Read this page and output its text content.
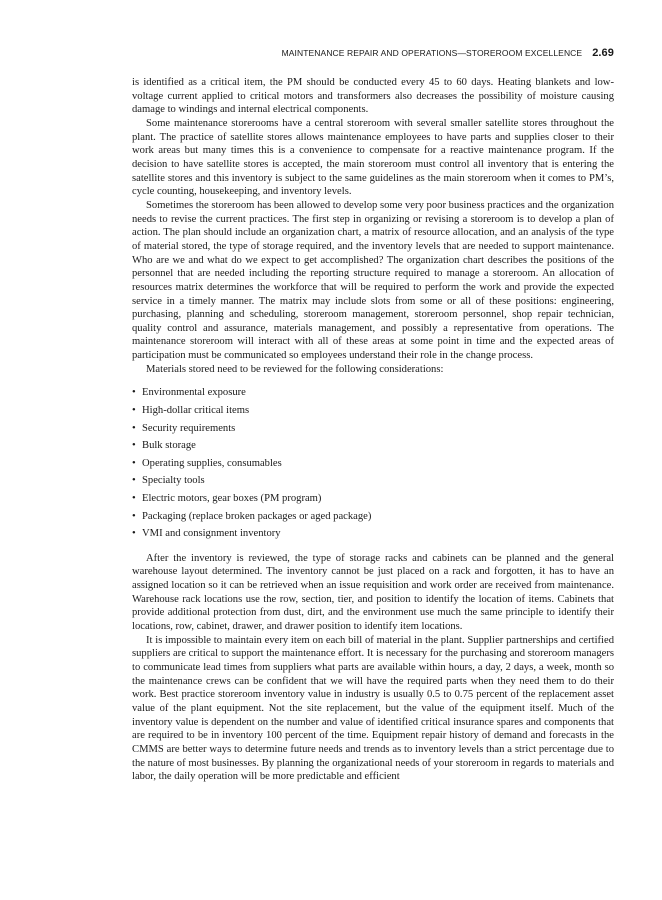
MAINTENANCE REPAIR AND OPERATIONS—STOREROOM EXCELLENCE 2.69

is identified as a critical item, the PM should be conducted every 45 to 60 days. Heating blankets and low-voltage current applied to critical motors and transformers also decreases the possibility of moisture causing damage to windings and internal electrical components.

Some maintenance storerooms have a central storeroom with several smaller satellite stores throughout the plant. The practice of satellite stores allows maintenance employees to have parts and supplies closer to their work areas but many times this is a convenience to compensate for a reactive maintenance program. If the decision to have satellite stores is accepted, the main storeroom must control all inventory that is entering the satellite stores and this inventory is subject to the same guidelines as the main storeroom when it comes to PM’s, cycle counting, housekeeping, and inventory levels.

Sometimes the storeroom has been allowed to develop some very poor business practices and the organization needs to revise the current practices. The first step in organizing or revising a storeroom is to develop a plan of action. The plan should include an organization chart, a matrix of resource allocation, and an analysis of the type of material stored, the type of storage required, and the inventory levels that are needed to support maintenance. Who are we and what do we expect to get accomplished? The organization chart describes the positions of the personnel that are needed including the reporting structure required to manage a storeroom. An allocation of resources matrix determines the workforce that will be required to perform the work and provide the expected service in a timely manner. The matrix may include slots from some or all of these positions: engineering, purchasing, planning and scheduling, storeroom management, storeroom personnel, shop repair technician, quality control and assurance, materials management, and possibly a representative from operations. The maintenance storeroom will interact with all of these areas at some point in time and the expected areas of participation must be communicated so employees understand their role in the change process.

Materials stored need to be reviewed for the following considerations:

• Environmental exposure
• High-dollar critical items
• Security requirements
• Bulk storage
• Operating supplies, consumables
• Specialty tools
• Electric motors, gear boxes (PM program)
• Packaging (replace broken packages or aged package)
• VMI and consignment inventory

After the inventory is reviewed, the type of storage racks and cabinets can be planned and the general warehouse layout determined. The inventory cannot be just placed on a rack and forgotten, it has to have an assigned location so it can be retrieved when an issue requisition and work order are received from maintenance. Warehouse rack locations use the row, section, tier, and position to identify the location of items. Cabinets that provide additional protection from dust, dirt, and the environment use much the same principle to identify their locations, row, cabinet, drawer, and drawer position to identify item locations.

It is impossible to maintain every item on each bill of material in the plant. Supplier partnerships and certified suppliers are critical to support the maintenance effort. It is necessary for the purchasing and storeroom managers to communicate lead times from suppliers what parts are available within hours, a day, 2 days, a week, month so the maintenance crews can be confident that we will have the required parts when they need them to do their work. Best practice storeroom inventory value in industry is usually 0.5 to 0.75 percent of the replacement asset value of the plant equipment. Not the site replacement, but the value of the equipment itself. Much of the inventory value is dependent on the number and value of identified critical insurance spares and components that are required to be in inventory 100 percent of the time. Equipment repair history of demand and forecasts in the CMMS are better ways to determine future needs and trends as to inventory levels than a strict percentage due to the nature of most businesses. By planning the organizational needs of your storeroom in regards to materials and labor, the daily operation will be more predictable and efficient
